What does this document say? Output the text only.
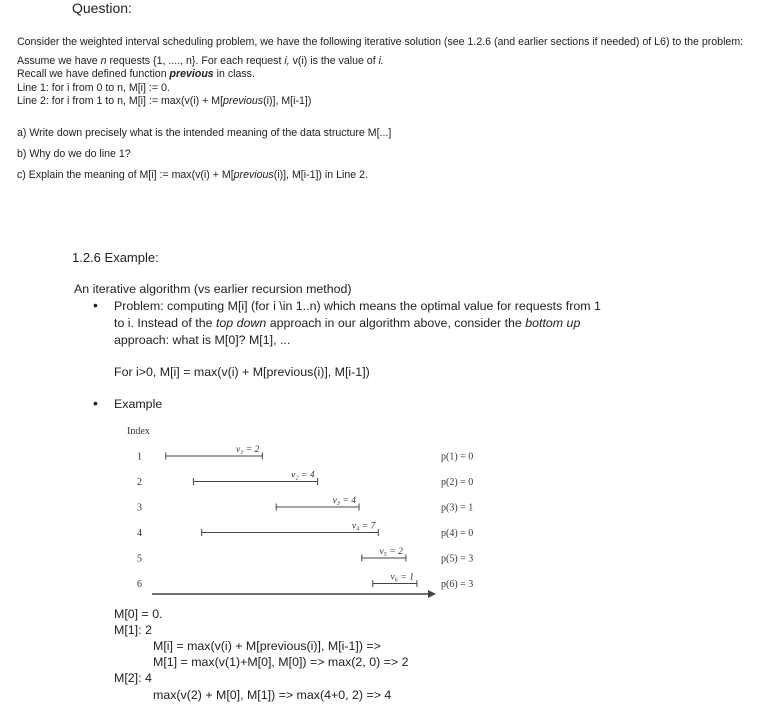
Question:
Consider the weighted interval scheduling problem, we have the following iterative solution (see 1.2.6 (and earlier sections if needed) of L6) to the problem:
Assume we have n requests {1, ...., n}. For each request i, v(i) is the value of i.
Recall we have defined function previous in class.
Line 1: for i from 0 to n, M[i] := 0.
Line 2: for i from 1 to n, M[i] := max(v(i) + M[previous(i)], M[i-1])
a) Write down precisely what is the intended meaning of the data structure M[...]
b) Why do we do line 1?
c) Explain the meaning of M[i] := max(v(i) + M[previous(i)], M[i-1]) in Line 2.
1.2.6 Example:
An iterative algorithm (vs earlier recursion method)
• Problem: computing M[i] (for i \in 1..n) which means the optimal value for requests from 1
to i. Instead of the top down approach in our algorithm above, consider the bottom up
approach: what is M[0]? M[1], ...
For i>0, M[i] = max(v(i) + M[previous(i)], M[i-1])
• Example
Index
1
v₁ = 2
p(1) = 0
2
v₂ = 4
p(2) = 0
3
v₃ = 4
p(3) = 1
4
v₄ = 7
p(4) = 0
5
v₅ = 2
p(5) = 3
6
v₆ = 1
p(6) = 3
M[0] = 0.
M[1]: 2
M[i] = max(v(i) + M[previous(i)], M[i-1]) =>
M[1] = max(v(1)+M[0], M[0]) => max(2, 0) => 2
M[2]: 4
max(v(2) + M[0], M[1]) => max(4+0, 2) => 4
